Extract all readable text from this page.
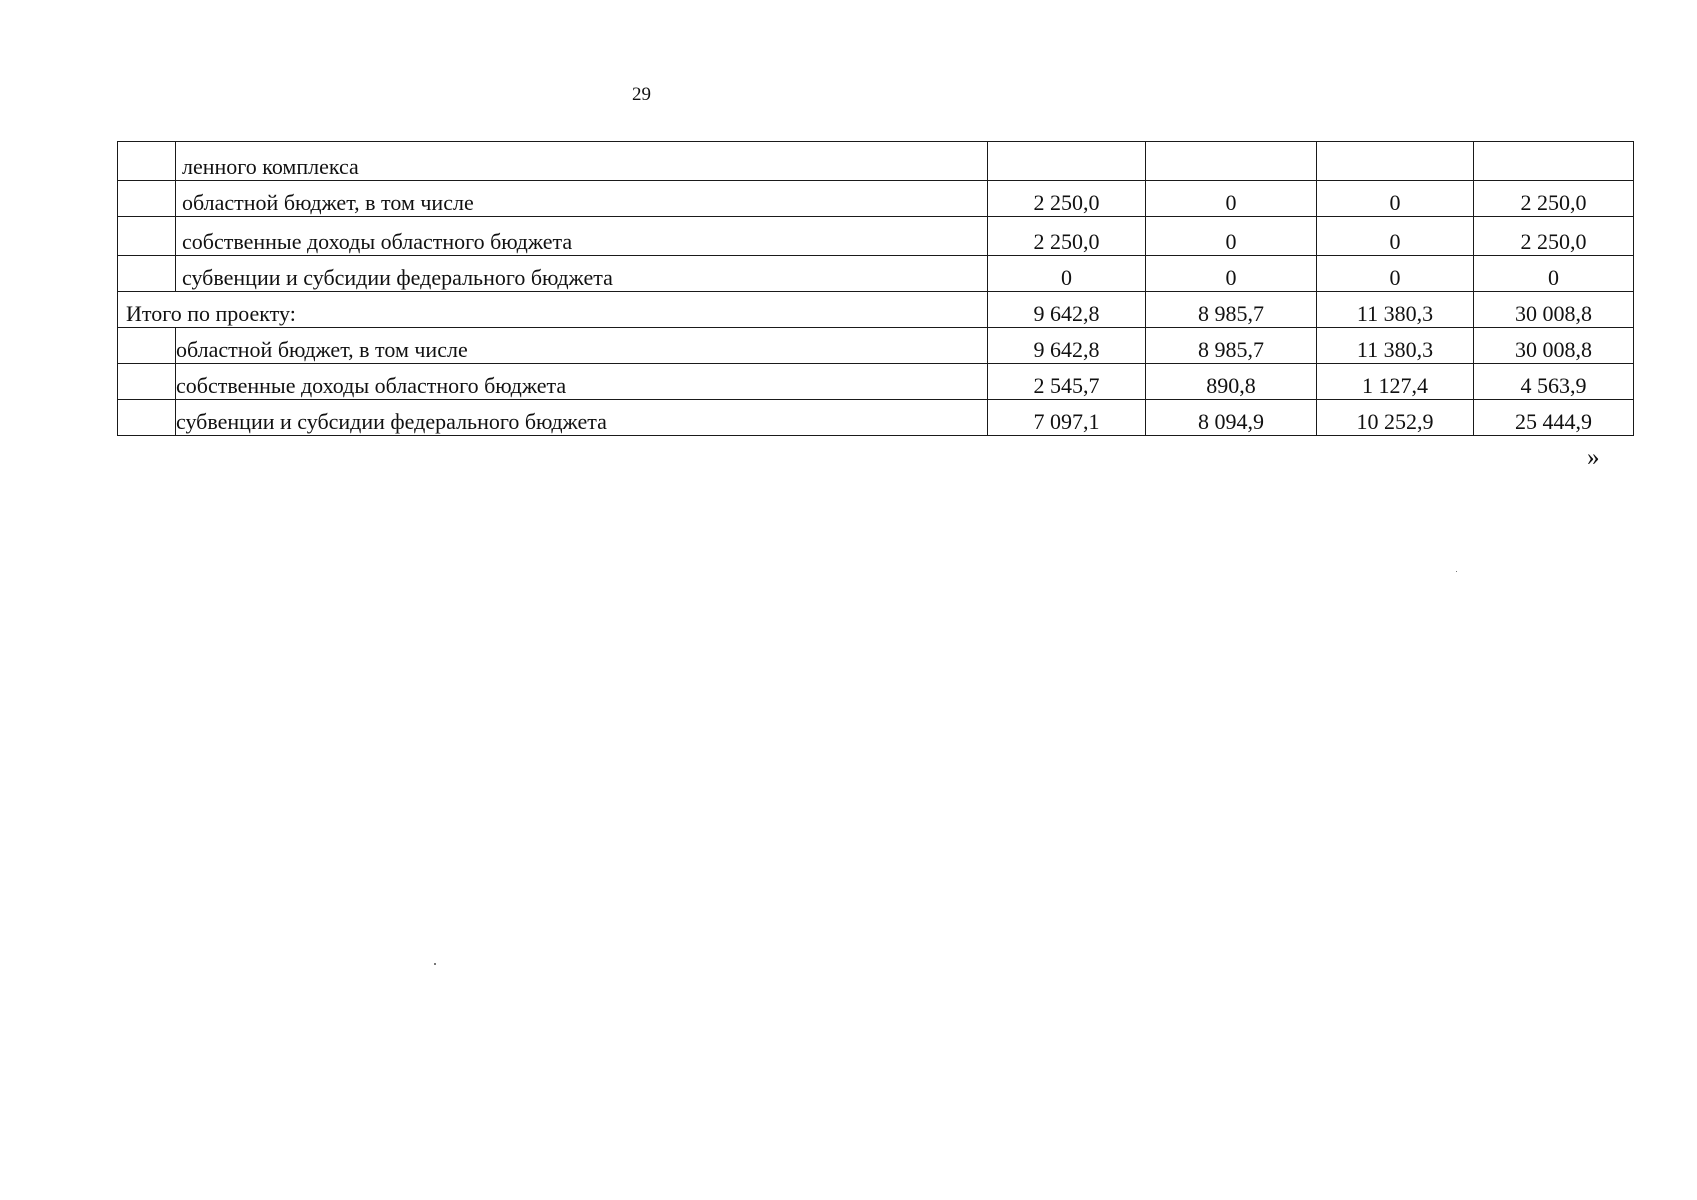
29
	ленного комплекса				
	областной бюджет, в том числе	2 250,0	0	0	2 250,0
	собственные доходы областного бюджета	2 250,0	0	0	2 250,0
	субвенции и субсидии федерального бюджета	0	0	0	0
Итого по проекту:		9 642,8	8 985,7	11 380,3	30 008,8
	областной бюджет, в том числе	9 642,8	8 985,7	11 380,3	30 008,8
	собственные доходы областного бюджета	2 545,7	890,8	1 127,4	4 563,9
	субвенции и субсидии федерального бюджета	7 097,1	8 094,9	10 252,9	25 444,9
»
